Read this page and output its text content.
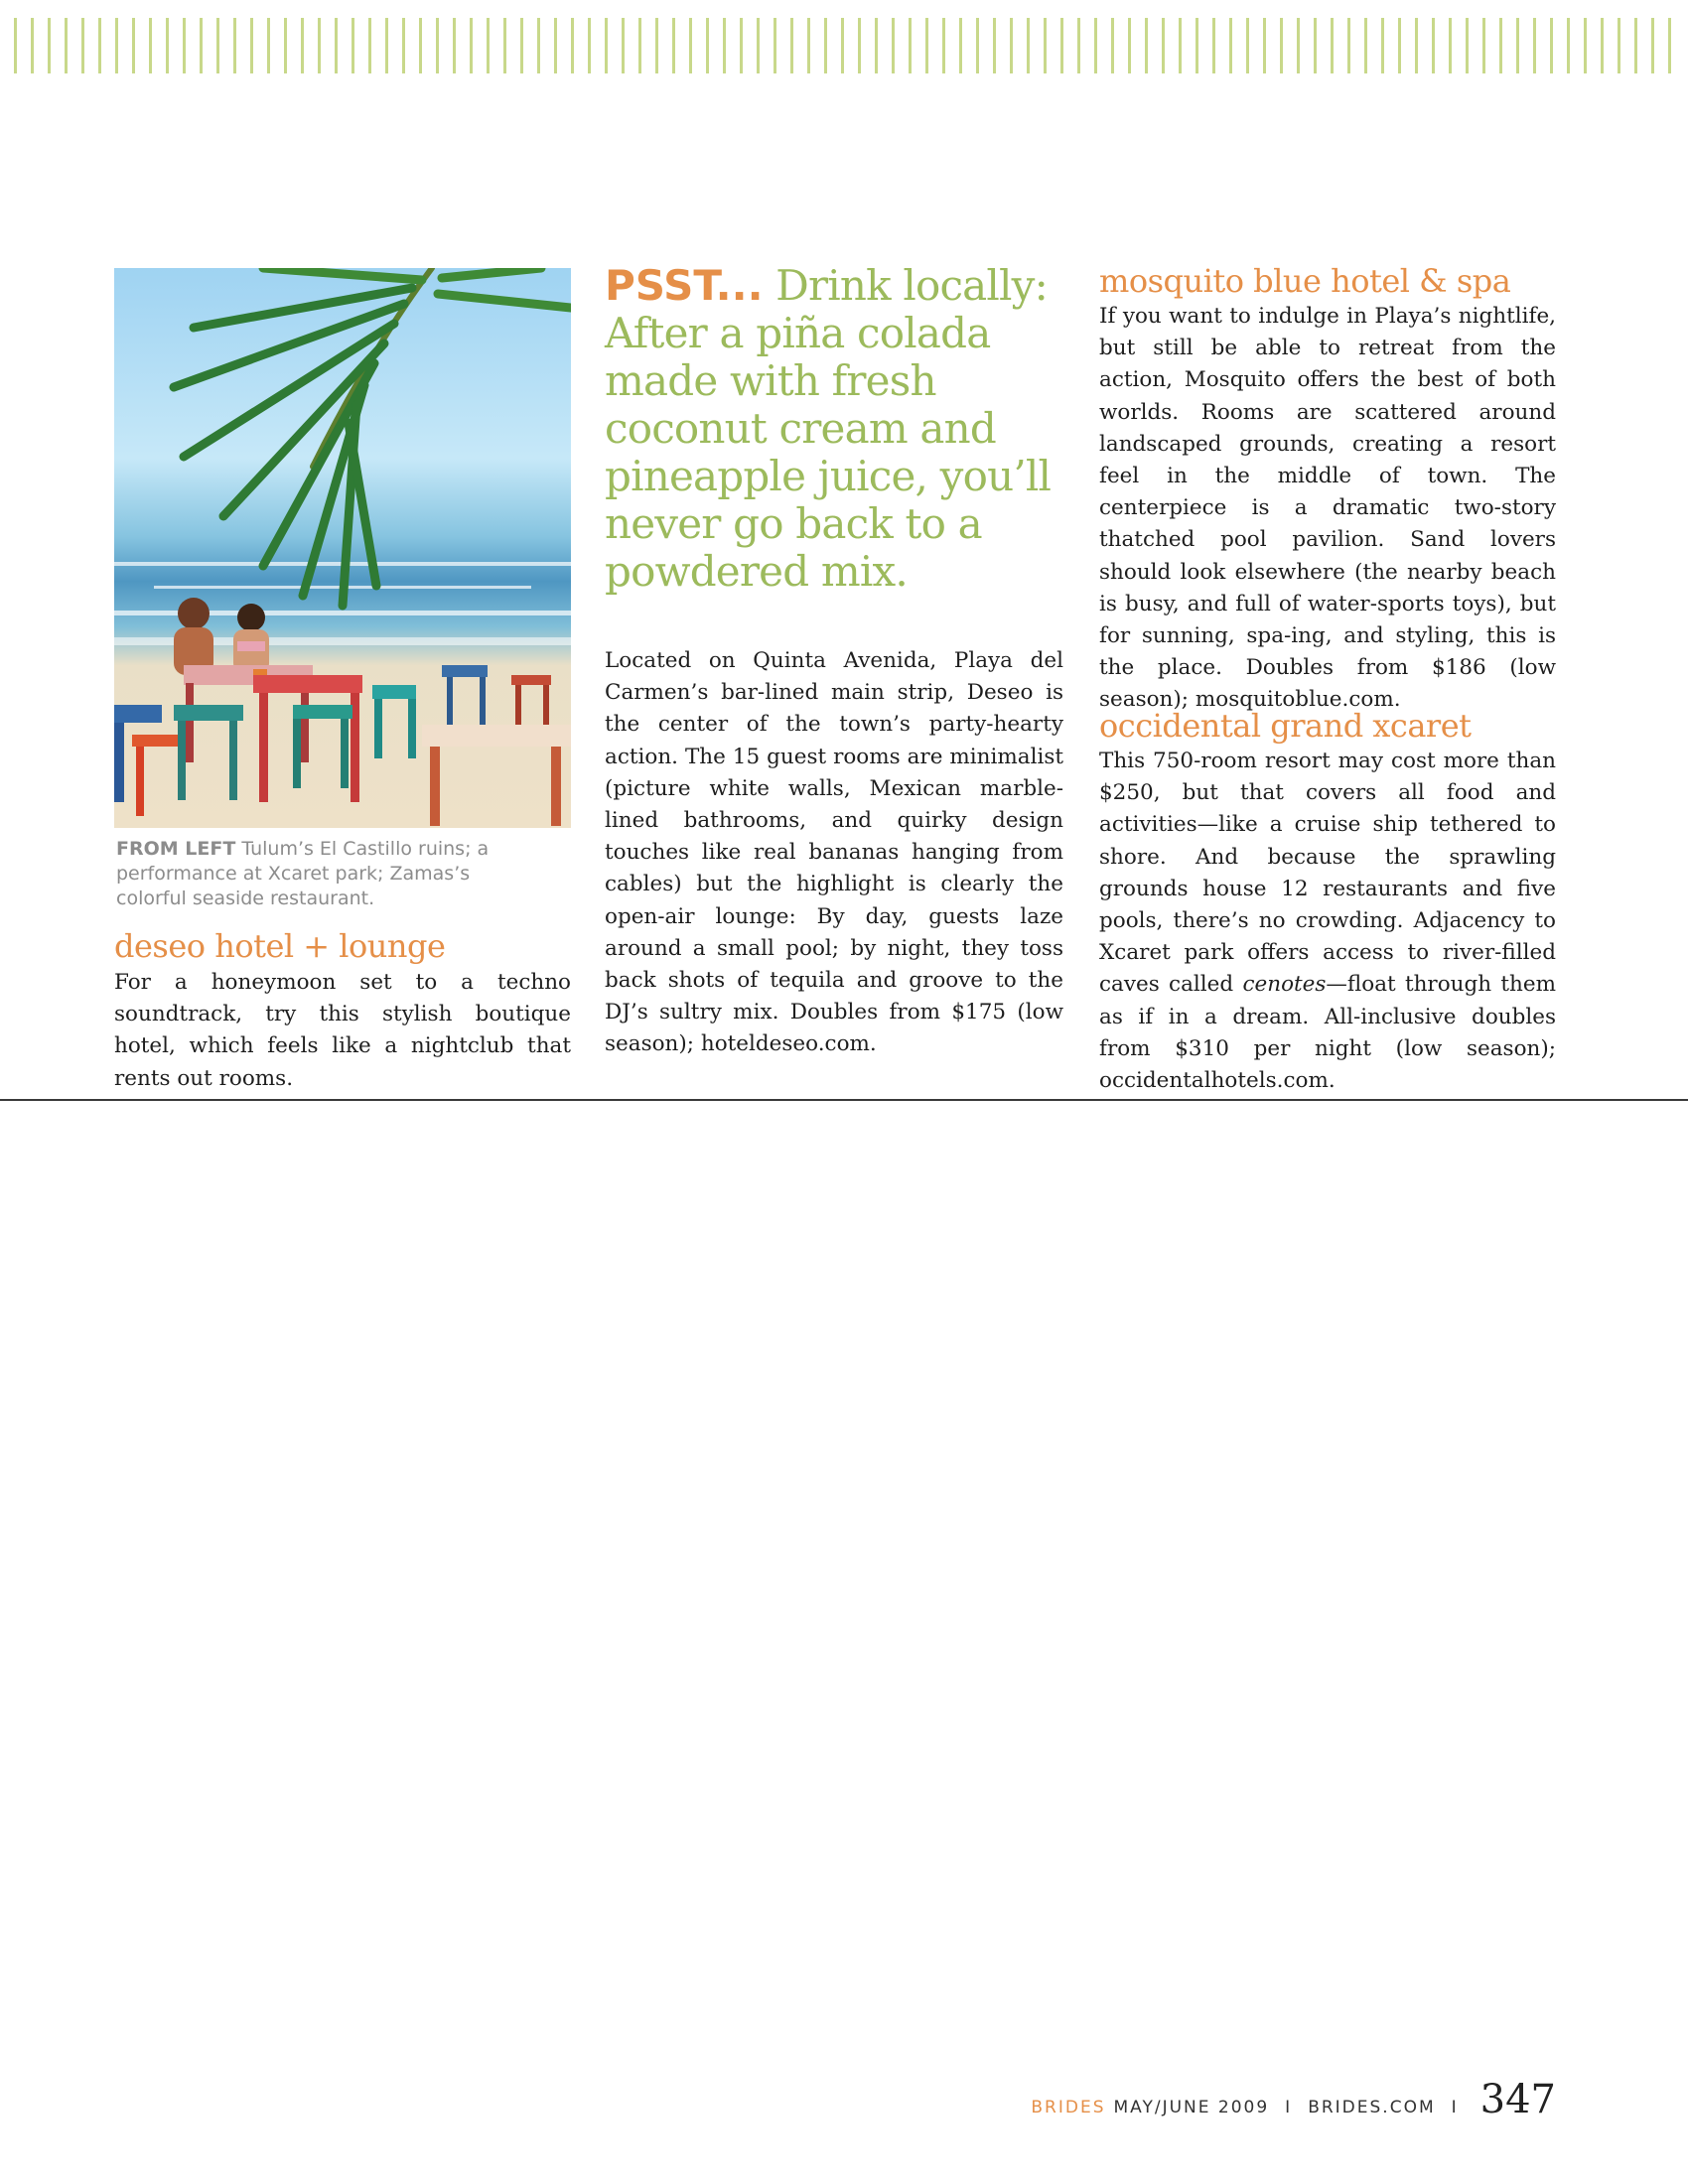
FROM LEFT Tulum’s El Castillo ruins; a performance at Xcaret park; Zamas’s colorful seaside restaurant.
deseo hotel + lounge

For a honeymoon set to a techno soundtrack, try this stylish boutique hotel, which feels like a nightclub that rents out rooms.

PSST... Drink locally: After a piña colada made with fresh coconut cream and pineapple juice, you’ll never go back to a powdered mix.

Located on Quinta Avenida, Playa del Carmen’s bar-lined main strip, Deseo is the center of the town’s party-hearty action. The 15 guest rooms are minimalist (picture white walls, Mexican marble-lined bathrooms, and quirky design touches like real bananas hanging from cables) but the highlight is clearly the open-air lounge: By day, guests laze around a small pool; by night, they toss back shots of tequila and groove to the DJ’s sultry mix. Doubles from $175 (low season); hoteldeseo.com.

mosquito blue hotel & spa

If you want to indulge in Playa’s nightlife, but still be able to retreat from the action, Mosquito offers the best of both worlds. Rooms are scattered around landscaped grounds, creating a resort feel in the middle of town. The centerpiece is a dramatic two-story thatched pool pavilion. Sand lovers should look elsewhere (the nearby beach is busy, and full of water-sports toys), but for sunning, spa-ing, and styling, this is the place. Doubles from $186 (low season); mosquitoblue.com.

occidental grand xcaret

This 750-room resort may cost more than $250, but that covers all food and activities—like a cruise ship tethered to shore. And because the sprawling grounds house 12 restaurants and five pools, there’s no crowding. Adjacency to Xcaret park offers access to river-filled caves called cenotes—float through them as if in a dream. All-inclusive doubles from $310 per night (low season); occidentalhotels.com.

BRIDES MAY/JUNE 2009 I BRIDES.COM I 347
